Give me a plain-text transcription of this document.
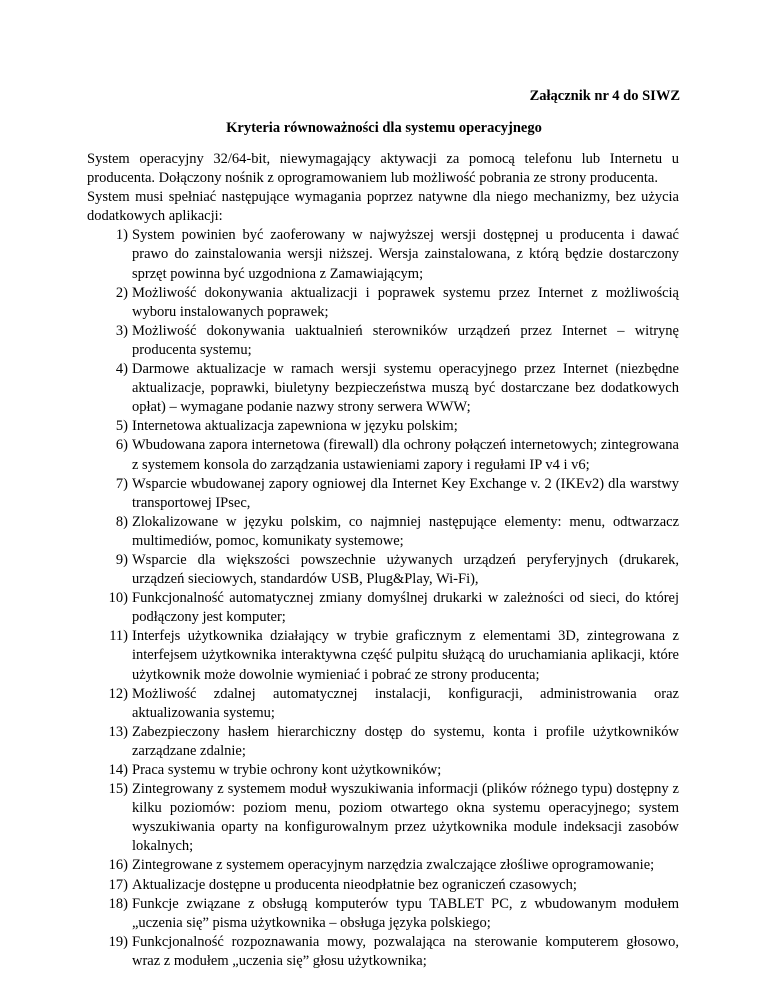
Załącznik nr 4 do SIWZ

Kryteria równoważności dla systemu operacyjnego

System operacyjny 32/64-bit, niewymagający aktywacji za pomocą telefonu lub Internetu u producenta. Dołączony nośnik z oprogramowaniem lub możliwość pobrania ze strony producenta.

System musi spełniać następujące wymagania poprzez natywne dla niego mechanizmy, bez użycia dodatkowych aplikacji:

1) System powinien być zaoferowany w najwyższej wersji dostępnej u producenta i dawać prawo do zainstalowania wersji niższej. Wersja zainstalowana, z którą będzie dostarczony sprzęt powinna być uzgodniona z Zamawiającym;
2) Możliwość dokonywania aktualizacji i poprawek systemu przez Internet z możliwością wyboru instalowanych poprawek;
3) Możliwość dokonywania uaktualnień sterowników urządzeń przez Internet – witrynę producenta systemu;
4) Darmowe aktualizacje w ramach wersji systemu operacyjnego przez Internet (niezbędne aktualizacje, poprawki, biuletyny bezpieczeństwa muszą być dostarczane bez dodatkowych opłat) – wymagane podanie nazwy strony serwera WWW;
5) Internetowa aktualizacja zapewniona w języku polskim;
6) Wbudowana zapora internetowa (firewall) dla ochrony połączeń internetowych; zintegrowana z systemem konsola do zarządzania ustawieniami zapory i regułami IP v4 i v6;
7) Wsparcie wbudowanej zapory ogniowej dla Internet Key Exchange v. 2 (IKEv2) dla warstwy transportowej IPsec,
8) Zlokalizowane w języku polskim, co najmniej następujące elementy: menu, odtwarzacz multimediów, pomoc, komunikaty systemowe;
9) Wsparcie dla większości powszechnie używanych urządzeń peryferyjnych (drukarek, urządzeń sieciowych, standardów USB, Plug&Play, Wi-Fi),
10) Funkcjonalność automatycznej zmiany domyślnej drukarki w zależności od sieci, do której podłączony jest komputer;
11) Interfejs użytkownika działający w trybie graficznym z elementami 3D, zintegrowana z interfejsem użytkownika interaktywna część pulpitu służącą do uruchamiania aplikacji, które użytkownik może dowolnie wymieniać i pobrać ze strony producenta;
12) Możliwość zdalnej automatycznej instalacji, konfiguracji, administrowania oraz aktualizowania systemu;
13) Zabezpieczony hasłem hierarchiczny dostęp do systemu, konta i profile użytkowników zarządzane zdalnie;
14) Praca systemu w trybie ochrony kont użytkowników;
15) Zintegrowany z systemem moduł wyszukiwania informacji (plików różnego typu) dostępny z kilku poziomów: poziom menu, poziom otwartego okna systemu operacyjnego; system wyszukiwania oparty na konfigurowalnym przez użytkownika module indeksacji zasobów lokalnych;
16) Zintegrowane z systemem operacyjnym narzędzia zwalczające złośliwe oprogramowanie;
17) Aktualizacje dostępne u producenta nieodpłatnie bez ograniczeń czasowych;
18) Funkcje związane z obsługą komputerów typu TABLET PC, z wbudowanym modułem „uczenia się” pisma użytkownika – obsługa języka polskiego;
19) Funkcjonalność rozpoznawania mowy, pozwalająca na sterowanie komputerem głosowo, wraz z modułem „uczenia się” głosu użytkownika;
